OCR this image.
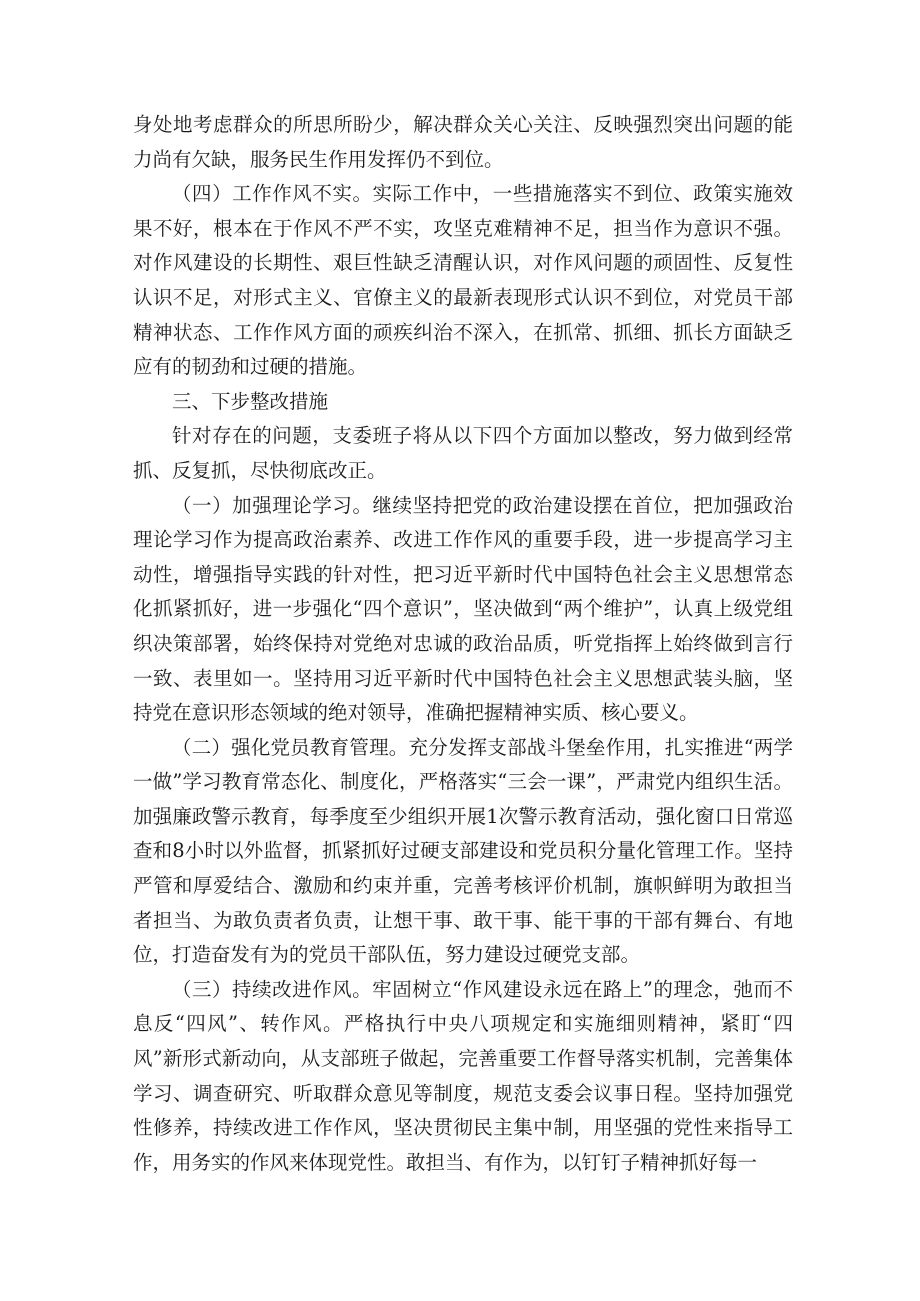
身处地考虑群众的所思所盼少，解决群众关心关注、反映强烈突出问题的能力尚有欠缺，服务民生作用发挥仍不到位。

（四）工作作风不实。实际工作中，一些措施落实不到位、政策实施效果不好，根本在于作风不严不实，攻坚克难精神不足，担当作为意识不强。对作风建设的长期性、艰巨性缺乏清醒认识，对作风问题的顽固性、反复性认识不足，对形式主义、官僚主义的最新表现形式认识不到位，对党员干部精神状态、工作作风方面的顽疾纠治不深入，在抓常、抓细、抓长方面缺乏应有的韧劲和过硬的措施。

三、下步整改措施

针对存在的问题，支委班子将从以下四个方面加以整改，努力做到经常抓、反复抓，尽快彻底改正。

（一）加强理论学习。继续坚持把党的政治建设摆在首位，把加强政治理论学习作为提高政治素养、改进工作作风的重要手段，进一步提高学习主动性，增强指导实践的针对性，把习近平新时代中国特色社会主义思想常态化抓紧抓好，进一步强化“四个意识”，坚决做到“两个维护”，认真上级党组织决策部署，始终保持对党绝对忠诚的政治品质，听党指挥上始终做到言行一致、表里如一。坚持用习近平新时代中国特色社会主义思想武装头脑，坚持党在意识形态领域的绝对领导，准确把握精神实质、核心要义。

（二）强化党员教育管理。充分发挥支部战斗堡垒作用，扎实推进“两学一做”学习教育常态化、制度化，严格落实“三会一课”，严肃党内组织生活。加强廉政警示教育，每季度至少组织开展1次警示教育活动，强化窗口日常巡查和8小时以外监督，抓紧抓好过硬支部建设和党员积分量化管理工作。坚持严管和厚爱结合、激励和约束并重，完善考核评价机制，旗帜鲜明为敢担当者担当、为敢负责者负责，让想干事、敢干事、能干事的干部有舞台、有地位，打造奋发有为的党员干部队伍，努力建设过硬党支部。

（三）持续改进作风。牢固树立“作风建设永远在路上”的理念，弛而不息反“四风”、转作风。严格执行中央八项规定和实施细则精神，紧盯“四风”新形式新动向，从支部班子做起，完善重要工作督导落实机制，完善集体学习、调查研究、听取群众意见等制度，规范支委会议事日程。坚持加强党性修养，持续改进工作作风，坚决贯彻民主集中制，用坚强的党性来指导工作，用务实的作风来体现党性。敢担当、有作为，以钉钉子精神抓好每一
